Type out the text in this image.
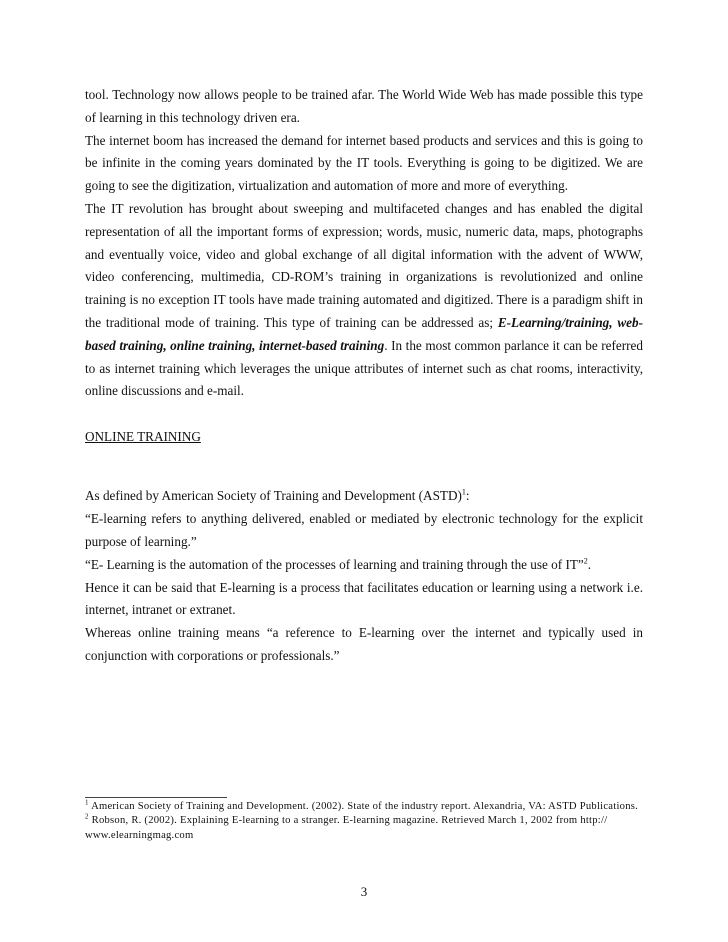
tool. Technology now allows people to be trained afar. The World Wide Web has made possible this type of learning in this technology driven era.

The internet boom has increased the demand for internet based products and services and this is going to be infinite in the coming years dominated by the IT tools. Everything is going to be digitized. We are going to see the digitization, virtualization and automation of more and more of everything.

The IT revolution has brought about sweeping and multifaceted changes and has enabled the digital representation of all the important forms of expression; words, music, numeric data, maps, photographs and eventually voice, video and global exchange of all digital information with the advent of WWW, video conferencing, multimedia, CD-ROM’s training in organizations is revolutionized and online training is no exception IT tools have made training automated and digitized. There is a paradigm shift in the traditional mode of training. This type of training can be addressed as; E-Learning/training, web-based training, online training, internet-based training. In the most common parlance it can be referred to as internet training which leverages the unique attributes of internet such as chat rooms, interactivity, online discussions and e-mail.

ONLINE TRAINING

As defined by American Society of Training and Development (ASTD)$^1$:

“E-learning refers to anything delivered, enabled or mediated by electronic technology for the explicit purpose of learning.”

“E- Learning is the automation of the processes of learning and training through the use of IT”$^2$.

Hence it can be said that E-learning is a process that facilitates education or learning using a network i.e. internet, intranet or extranet.

Whereas online training means “a reference to E-learning over the internet and typically used in conjunction with corporations or professionals.”

$^1$ American Society of Training and Development. (2002). State of the industry report. Alexandria, VA: ASTD Publications.

$^2$ Robson, R. (2002). Explaining E-learning to a stranger. E-learning magazine. Retrieved March 1, 2002 from http:// www.elearningmag.com

3
